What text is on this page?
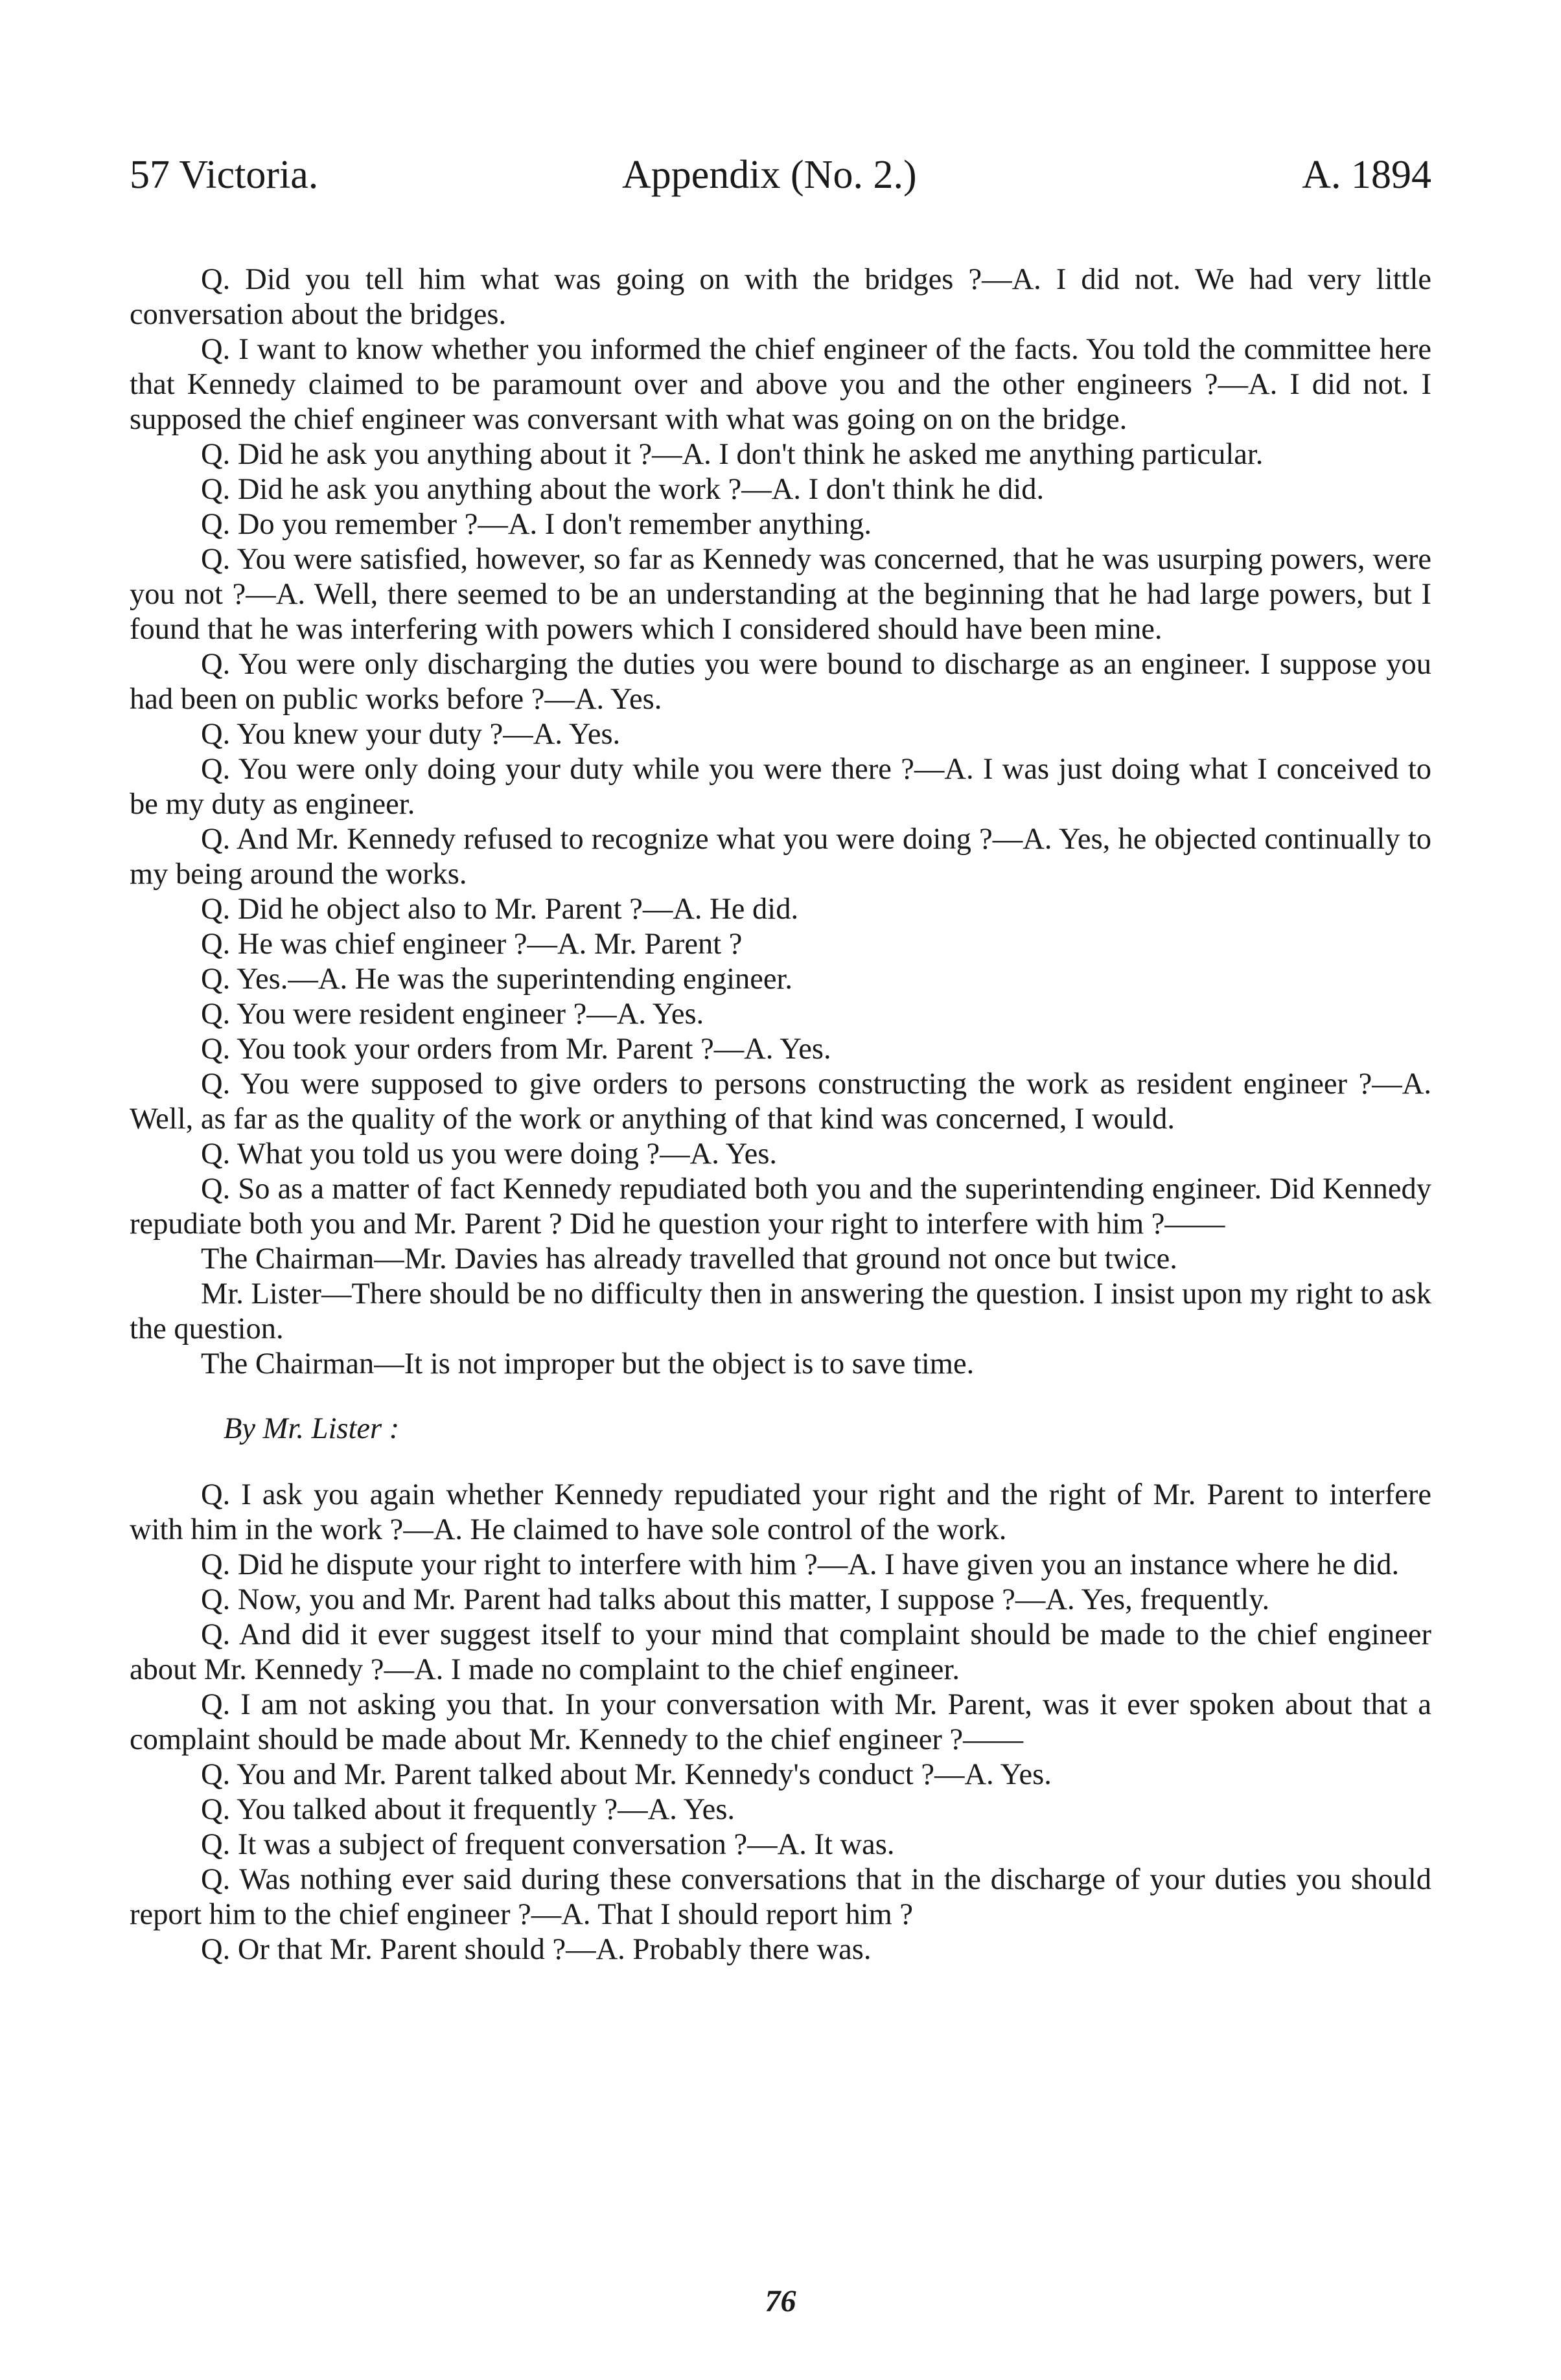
57 Victoria.	Appendix (No. 2.)	A. 1894

Q. Did you tell him what was going on with the bridges ?—A. I did not. We had very little conversation about the bridges.

Q. I want to know whether you informed the chief engineer of the facts. You told the committee here that Kennedy claimed to be paramount over and above you and the other engineers ?—A. I did not. I supposed the chief engineer was conversant with what was going on on the bridge.

Q. Did he ask you anything about it ?—A. I don't think he asked me anything particular.

Q. Did he ask you anything about the work ?—A. I don't think he did.

Q. Do you remember ?—A. I don't remember anything.

Q. You were satisfied, however, so far as Kennedy was concerned, that he was usurping powers, were you not ?—A. Well, there seemed to be an understanding at the beginning that he had large powers, but I found that he was interfering with powers which I considered should have been mine.

Q. You were only discharging the duties you were bound to discharge as an engineer. I suppose you had been on public works before ?—A. Yes.

Q. You knew your duty ?—A. Yes.

Q. You were only doing your duty while you were there ?—A. I was just doing what I conceived to be my duty as engineer.

Q. And Mr. Kennedy refused to recognize what you were doing ?—A. Yes, he objected continually to my being around the works.

Q. Did he object also to Mr. Parent ?—A. He did.

Q. He was chief engineer ?—A. Mr. Parent ?

Q. Yes.—A. He was the superintending engineer.

Q. You were resident engineer ?—A. Yes.

Q. You took your orders from Mr. Parent ?—A. Yes.

Q. You were supposed to give orders to persons constructing the work as resident engineer ?—A. Well, as far as the quality of the work or anything of that kind was concerned, I would.

Q. What you told us you were doing ?—A. Yes.

Q. So as a matter of fact Kennedy repudiated both you and the superintending engineer. Did Kennedy repudiate both you and Mr. Parent ? Did he question your right to interfere with him ?——

The Chairman—Mr. Davies has already travelled that ground not once but twice.

Mr. Lister—There should be no difficulty then in answering the question. I insist upon my right to ask the question.

The Chairman—It is not improper but the object is to save time.

By Mr. Lister :

Q. I ask you again whether Kennedy repudiated your right and the right of Mr. Parent to interfere with him in the work ?—A. He claimed to have sole control of the work.

Q. Did he dispute your right to interfere with him ?—A. I have given you an instance where he did.

Q. Now, you and Mr. Parent had talks about this matter, I suppose ?—A. Yes, frequently.

Q. And did it ever suggest itself to your mind that complaint should be made to the chief engineer about Mr. Kennedy ?—A. I made no complaint to the chief engineer.

Q. I am not asking you that. In your conversation with Mr. Parent, was it ever spoken about that a complaint should be made about Mr. Kennedy to the chief engineer ?——

Q. You and Mr. Parent talked about Mr. Kennedy's conduct ?—A. Yes.

Q. You talked about it frequently ?—A. Yes.

Q. It was a subject of frequent conversation ?—A. It was.

Q. Was nothing ever said during these conversations that in the discharge of your duties you should report him to the chief engineer ?—A. That I should report him ?

Q. Or that Mr. Parent should ?—A. Probably there was.

76
